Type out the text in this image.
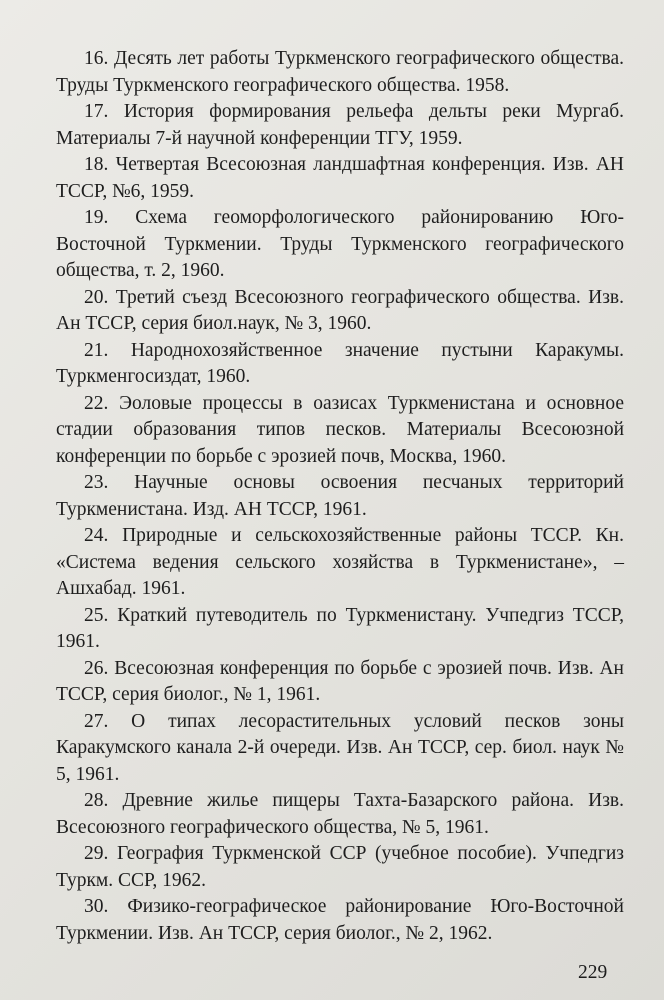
16. Десять лет работы Туркменского географического общества. Труды Туркменского географического общества. 1958.

17. История формирования рельефа дельты реки Мургаб. Материалы 7-й научной конференции ТГУ, 1959.

18. Четвертая Всесоюзная ландшафтная конференция. Изв. АН ТССР, №6, 1959.

19. Схема геоморфологического районированию Юго-Восточной Туркмении. Труды Туркменского географического общества, т. 2, 1960.

20. Третий съезд Всесоюзного географического общества. Изв. Ан ТССР, серия биол.наук, № 3, 1960.

21. Народнохозяйственное значение пустыни Каракумы. Туркменгосиздат, 1960.

22. Эоловые процессы в оазисах Туркменистана и основное стадии образования типов песков. Материалы Всесоюзной конференции по борьбе с эрозией почв, Москва, 1960.

23. Научные основы освоения песчаных территорий Туркменистана. Изд. АН ТССР, 1961.

24. Природные и сельскохозяйственные районы ТССР. Кн. «Система ведения сельского хозяйства в Туркменистане», – Ашхабад. 1961.

25. Краткий путеводитель по Туркменистану. Учпедгиз ТССР, 1961.

26. Всесоюзная конференция по борьбе с эрозией почв. Изв. Ан ТССР, серия биолог., № 1, 1961.

27. О типах лесорастительных условий песков зоны Каракумского канала 2-й очереди. Изв. Ан ТССР, сер. биол. наук № 5, 1961.

28. Древние жилье пищеры Тахта-Базарского района. Изв. Всесоюзного географического общества, № 5, 1961.

29. География Туркменской ССР (учебное пособие). Учпедгиз Туркм. ССР, 1962.

30. Физико-географическое районирование Юго-Восточной Туркмении. Изв. Ан ТССР, серия биолог., № 2, 1962.

229
